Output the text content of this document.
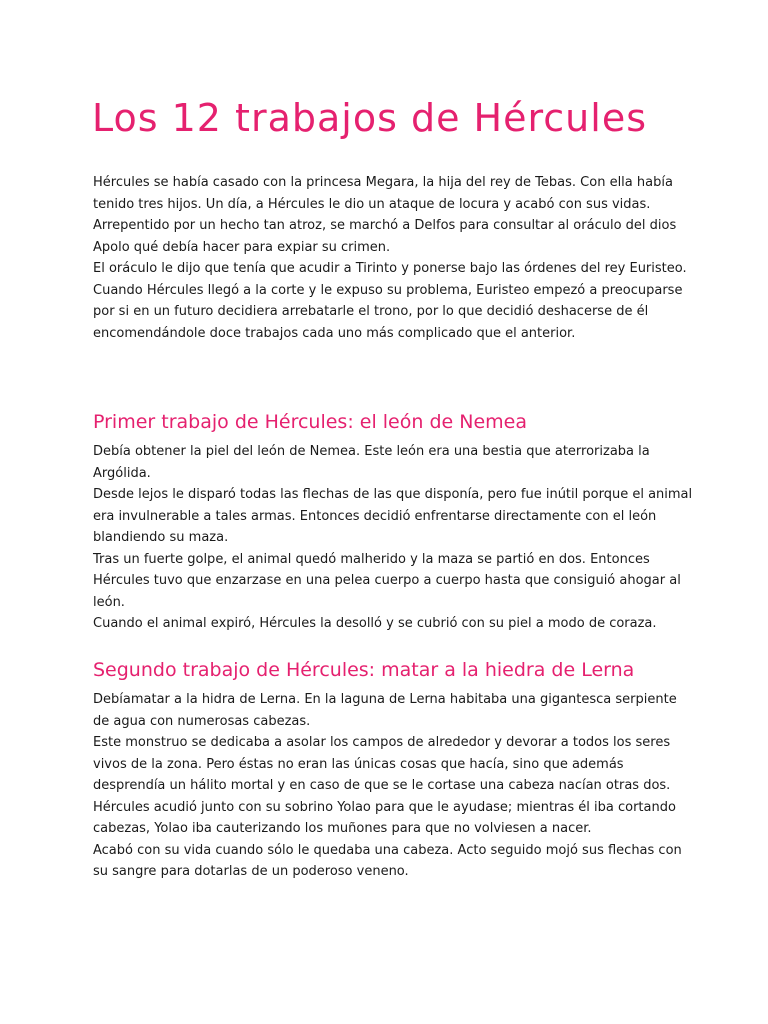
Los 12 trabajos de Hércules

Hércules se había casado con la princesa Megara, la hija del rey de Tebas. Con ella había tenido tres hijos. Un día, a Hércules le dio un ataque de locura y acabó con sus vidas.

Arrepentido por un hecho tan atroz, se marchó a Delfos para consultar al oráculo del dios Apolo qué debía hacer para expiar su crimen.

El oráculo le dijo que tenía que acudir a Tirinto y ponerse bajo las órdenes del rey Euristeo.

Cuando Hércules llegó a la corte y le expuso su problema, Euristeo empezó a preocuparse por si en un futuro decidiera arrebatarle el trono, por lo que decidió deshacerse de él encomendándole doce trabajos cada uno más complicado que el anterior.

Primer trabajo de Hércules: el león de Nemea

Debía obtener la piel del león de Nemea. Este león era una bestia que aterrorizaba la Argólida.

Desde lejos le disparó todas las flechas de las que disponía, pero fue inútil porque el animal era invulnerable a tales armas. Entonces decidió enfrentarse directamente con el león blandiendo su maza.

Tras un fuerte golpe, el animal quedó malherido y la maza se partió en dos. Entonces Hércules tuvo que enzarzase en una pelea cuerpo a cuerpo hasta que consiguió ahogar al león.

Cuando el animal expiró, Hércules la desolló y se cubrió con su piel a modo de coraza.

Segundo trabajo de Hércules: matar a la hiedra de Lerna

Debíamatar a la hidra de Lerna. En la laguna de Lerna habitaba una gigantesca serpiente de agua con numerosas cabezas.

Este monstruo se dedicaba a asolar los campos de alrededor y devorar a todos los seres vivos de la zona. Pero éstas no eran las únicas cosas que hacía, sino que además desprendía un hálito mortal y en caso de que se le cortase una cabeza nacían otras dos.

Hércules acudió junto con su sobrino Yolao para que le ayudase; mientras él iba cortando cabezas, Yolao iba cauterizando los muñones para que no volviesen a nacer.

Acabó con su vida cuando sólo le quedaba una cabeza. Acto seguido mojó sus flechas con su sangre para dotarlas de un poderoso veneno.
